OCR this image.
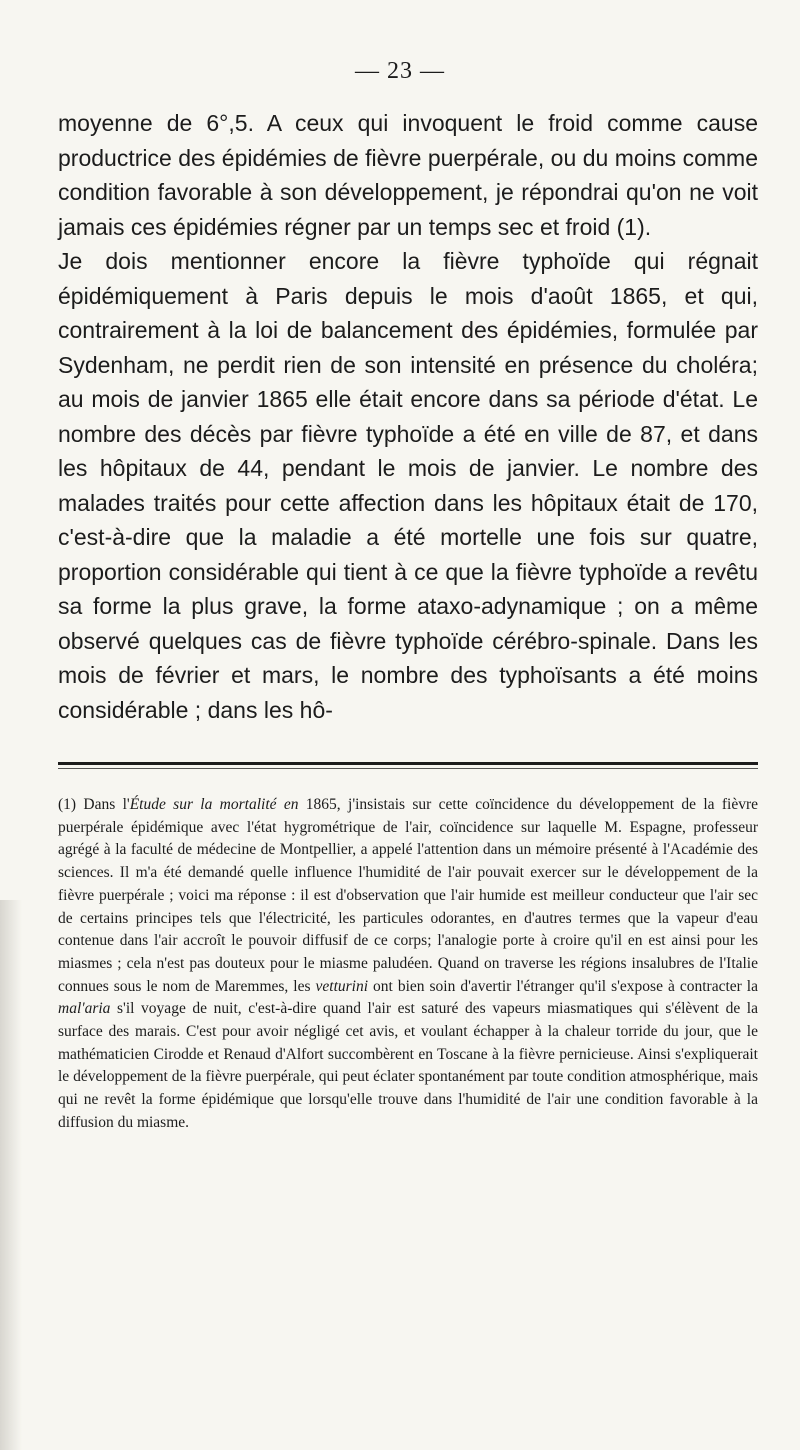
— 23 —

moyenne de 6°,5. A ceux qui invoquent le froid comme cause productrice des épidémies de fièvre puerpérale, ou du moins comme condition favorable à son développement, je répondrai qu'on ne voit jamais ces épidémies régner par un temps sec et froid (1).

Je dois mentionner encore la fièvre typhoïde qui régnait épidémiquement à Paris depuis le mois d'août 1865, et qui, contrairement à la loi de balancement des épidémies, formulée par Sydenham, ne perdit rien de son intensité en présence du choléra; au mois de janvier 1865 elle était encore dans sa période d'état. Le nombre des décès par fièvre typhoïde a été en ville de 87, et dans les hôpitaux de 44, pendant le mois de janvier. Le nombre des malades traités pour cette affection dans les hôpitaux était de 170, c'est-à-dire que la maladie a été mortelle une fois sur quatre, proportion considérable qui tient à ce que la fièvre typhoïde a revêtu sa forme la plus grave, la forme ataxo-adynamique ; on a même observé quelques cas de fièvre typhoïde cérébro-spinale. Dans les mois de février et mars, le nombre des typhoïsants a été moins considérable ; dans les hô-

(1) Dans l'Étude sur la mortalité en 1865, j'insistais sur cette coïncidence du développement de la fièvre puerpérale épidémique avec l'état hygrométrique de l'air, coïncidence sur laquelle M. Espagne, professeur agrégé à la faculté de médecine de Montpellier, a appelé l'attention dans un mémoire présenté à l'Académie des sciences. Il m'a été demandé quelle influence l'humidité de l'air pouvait exercer sur le développement de la fièvre puerpérale ; voici ma réponse : il est d'observation que l'air humide est meilleur conducteur que l'air sec de certains principes tels que l'électricité, les particules odorantes, en d'autres termes que la vapeur d'eau contenue dans l'air accroît le pouvoir diffusif de ce corps; l'analogie porte à croire qu'il en est ainsi pour les miasmes ; cela n'est pas douteux pour le miasme paludéen. Quand on traverse les régions insalubres de l'Italie connues sous le nom de Maremmes, les vetturini ont bien soin d'avertir l'étranger qu'il s'expose à contracter la mal'aria s'il voyage de nuit, c'est-à-dire quand l'air est saturé des vapeurs miasmatiques qui s'élèvent de la surface des marais. C'est pour avoir négligé cet avis, et voulant échapper à la chaleur torride du jour, que le mathématicien Cirodde et Renaud d'Alfort succombèrent en Toscane à la fièvre pernicieuse. Ainsi s'expliquerait le développement de la fièvre puerpérale, qui peut éclater spontanément par toute condition atmosphérique, mais qui ne revêt la forme épidémique que lorsqu'elle trouve dans l'humidité de l'air une condition favorable à la diffusion du miasme.
